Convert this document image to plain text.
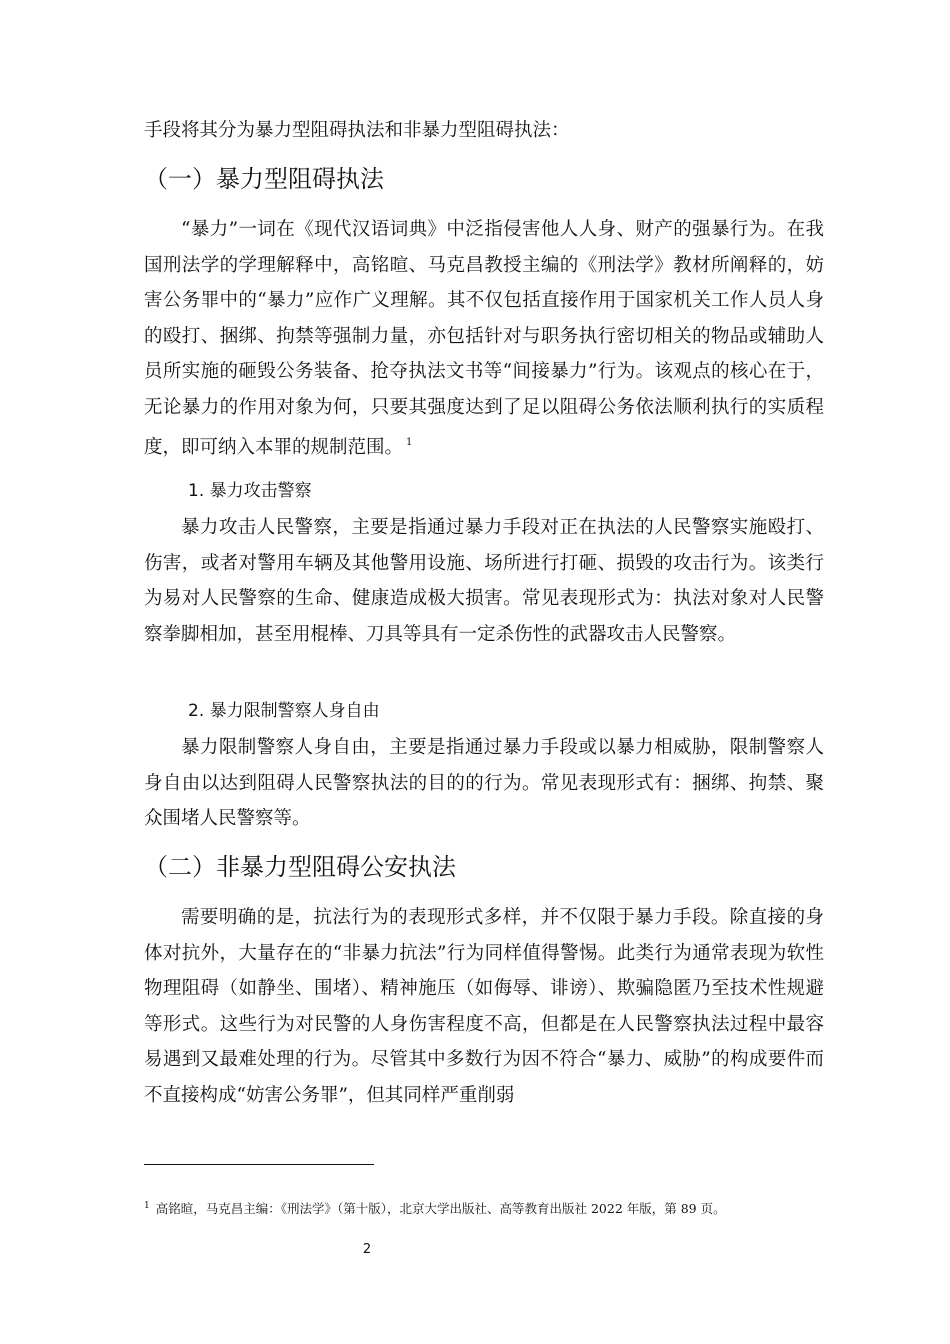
手段将其分为暴力型阻碍执法和非暴力型阻碍执法：

（一）暴力型阻碍执法

“暴力”一词在《现代汉语词典》中泛指侵害他人人身、财产的强暴行为。在我国刑法学的学理解释中，高铭暄、马克昌教授主编的《刑法学》教材所阐释的，妨害公务罪中的“暴力”应作广义理解。其不仅包括直接作用于国家机关工作人员人身的殴打、捆绑、拘禁等强制力量，亦包括针对与职务执行密切相关的物品或辅助人员所实施的砸毁公务装备、抢夺执法文书等“间接暴力”行为。该观点的核心在于，无论暴力的作用对象为何，只要其强度达到了足以阻碍公务依法顺利执行的实质程度，即可纳入本罪的规制范围。 $^1$

1. 暴力攻击警察

暴力攻击人民警察，主要是指通过暴力手段对正在执法的人民警察实施殴打、伤害，或者对警用车辆及其他警用设施、场所进行打砸、损毁的攻击行为。该类行为易对人民警察的生命、健康造成极大损害。常见表现形式为：执法对象对人民警察拳脚相加，甚至用棍棒、刀具等具有一定杀伤性的武器攻击人民警察。

2. 暴力限制警察人身自由

暴力限制警察人身自由，主要是指通过暴力手段或以暴力相威胁，限制警察人身自由以达到阻碍人民警察执法的目的的行为。常见表现形式有：捆绑、拘禁、聚众围堵人民警察等。

（二）非暴力型阻碍公安执法

需要明确的是，抗法行为的表现形式多样，并不仅限于暴力手段。除直接的身体对抗外，大量存在的“非暴力抗法”行为同样值得警惕。此类行为通常表现为软性物理阻碍（如静坐、围堵）、精神施压（如侮辱、诽谤）、欺骗隐匿乃至技术性规避等形式。这些行为对民警的人身伤害程度不高，但都是在人民警察执法过程中最容易遇到又最难处理的行为。尽管其中多数行为因不符合“暴力、威胁”的构成要件而不直接构成“妨害公务罪”，但其同样严重削弱

$^1$ 高铭暄，马克昌主编：《刑法学》（第十版），北京大学出版社、高等教育出版社 2022 年版，第 89 页。
2
